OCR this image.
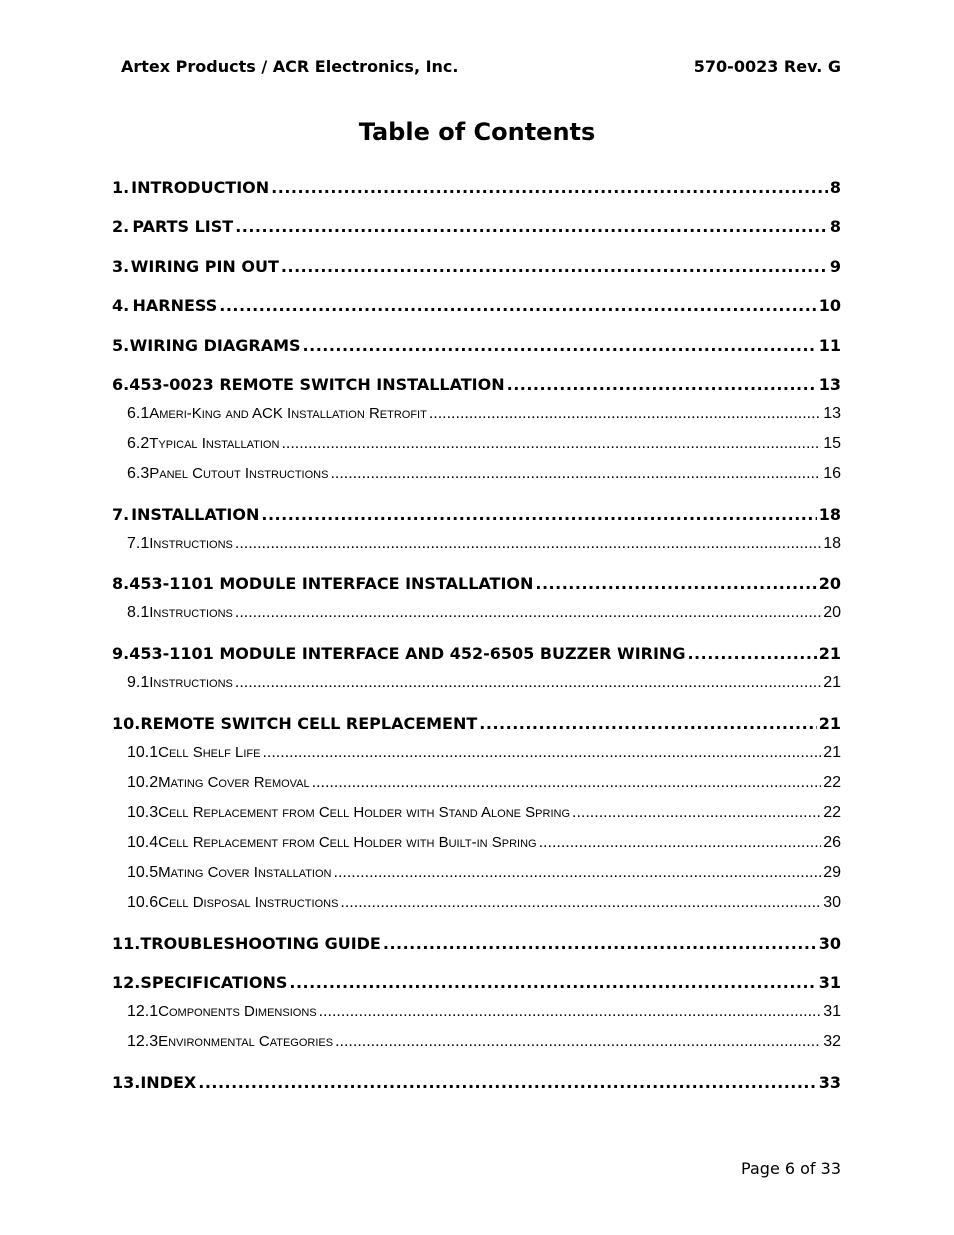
Artex Products / ACR Electronics, Inc.	570-0023 Rev. G
Table of Contents
1. INTRODUCTION .....	8
2. PARTS LIST .....	8
3. WIRING PIN OUT .....	9
4. HARNESS .....	10
5. WIRING DIAGRAMS .....	11
6. 453-0023 REMOTE SWITCH INSTALLATION .....	13
6.1 Ameri-King and ACK Installation Retrofit .....	13
6.2 Typical Installation .....	15
6.3 Panel Cutout Instructions .....	16
7. INSTALLATION .....	18
7.1 Instructions .....	18
8. 453-1101 MODULE INTERFACE INSTALLATION .....	20
8.1 Instructions .....	20
9. 453-1101 MODULE INTERFACE AND 452-6505 BUZZER WIRING .....	21
9.1 Instructions .....	21
10. REMOTE SWITCH CELL REPLACEMENT .....	21
10.1 Cell Shelf Life .....	21
10.2 Mating Cover Removal .....	22
10.3 Cell Replacement from Cell Holder with Stand Alone Spring .....	22
10.4 Cell Replacement from Cell Holder with Built-in Spring .....	26
10.5 Mating Cover Installation .....	29
10.6 Cell Disposal Instructions .....	30
11. TROUBLESHOOTING GUIDE .....	30
12. SPECIFICATIONS .....	31
12.1 Components Dimensions .....	31
12.3 Environmental Categories .....	32
13. INDEX .....	33
Page 6 of 33
